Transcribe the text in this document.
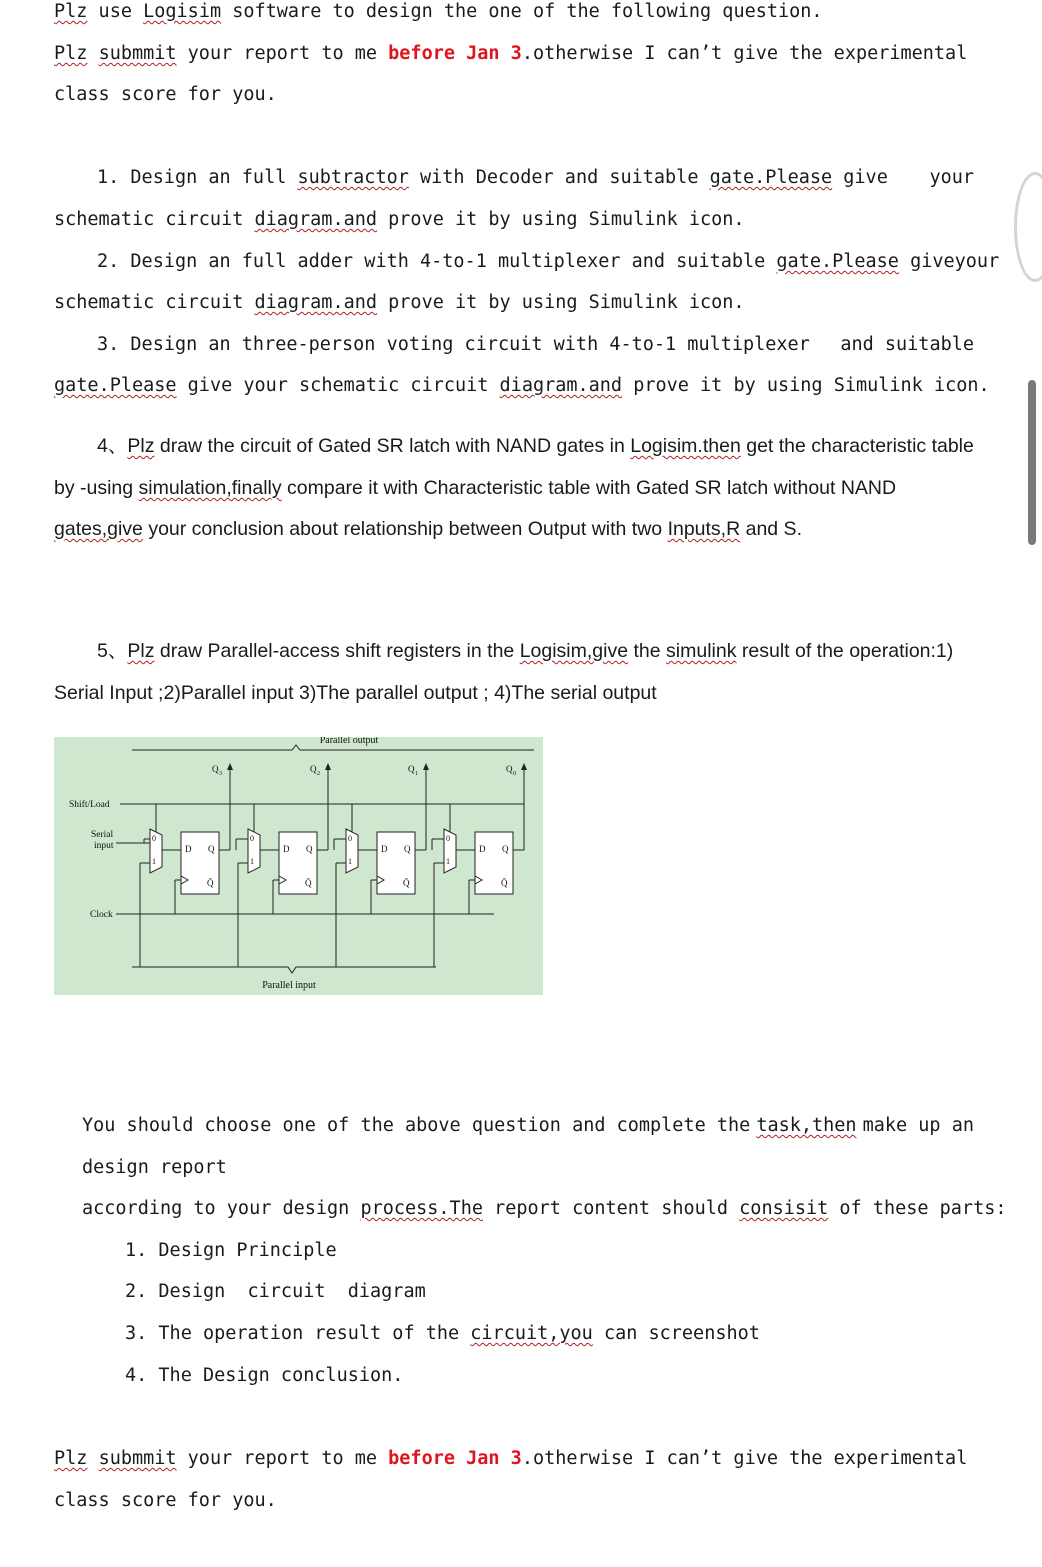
Plz use Logisim software to design the one of the following question.
Plz submmit your report to me before Jan 3.otherwise I can’t give the experimental
class score for you.
1. Design an full subtractor with Decoder and suitable gate.Please give your
schematic circuit diagram.and prove it by using Simulink icon.
2. Design an full adder with 4-to-1 multiplexer and suitable gate.Please give your
schematic circuit diagram.and prove it by using Simulink icon.
3. Design an three-person voting circuit with 4-to-1 multiplexer and suitable
gate.Please give your schematic circuit diagram.and prove it by using Simulink icon.
4、Plz draw the circuit of Gated SR latch with NAND gates in Logisim.then get the characteristic table
by -using simulation,finally compare it with Characteristic table with Gated SR latch without NAND
gates,give your conclusion about relationship between Output with two Inputs,R and S.
5、Plz draw Parallel-access shift registers in the Logisim,give the simulink result of the operation:1)
Serial Input ;2)Parallel input 3)The parallel output ; 4)The serial output
0
1
D Q
Q̄
Q 3
0
1
D Q
Q̄
Q 2
0
1
D Q
Q̄
Q 1
0
1
D Q
Q̄
Q 0
Parallel output
Parallel input
Shift/Load
Serial
input
Clock
You should choose one of the above question and complete the task,then make up an
design report
according to your design process.The report content should consisit of these parts:
1. Design Principle
2. Design  circuit  diagram
3. The operation result of the circuit,you can screenshot
4. The Design conclusion.
Plz submmit your report to me before Jan 3.otherwise I can’t give the experimental
class score for you.
